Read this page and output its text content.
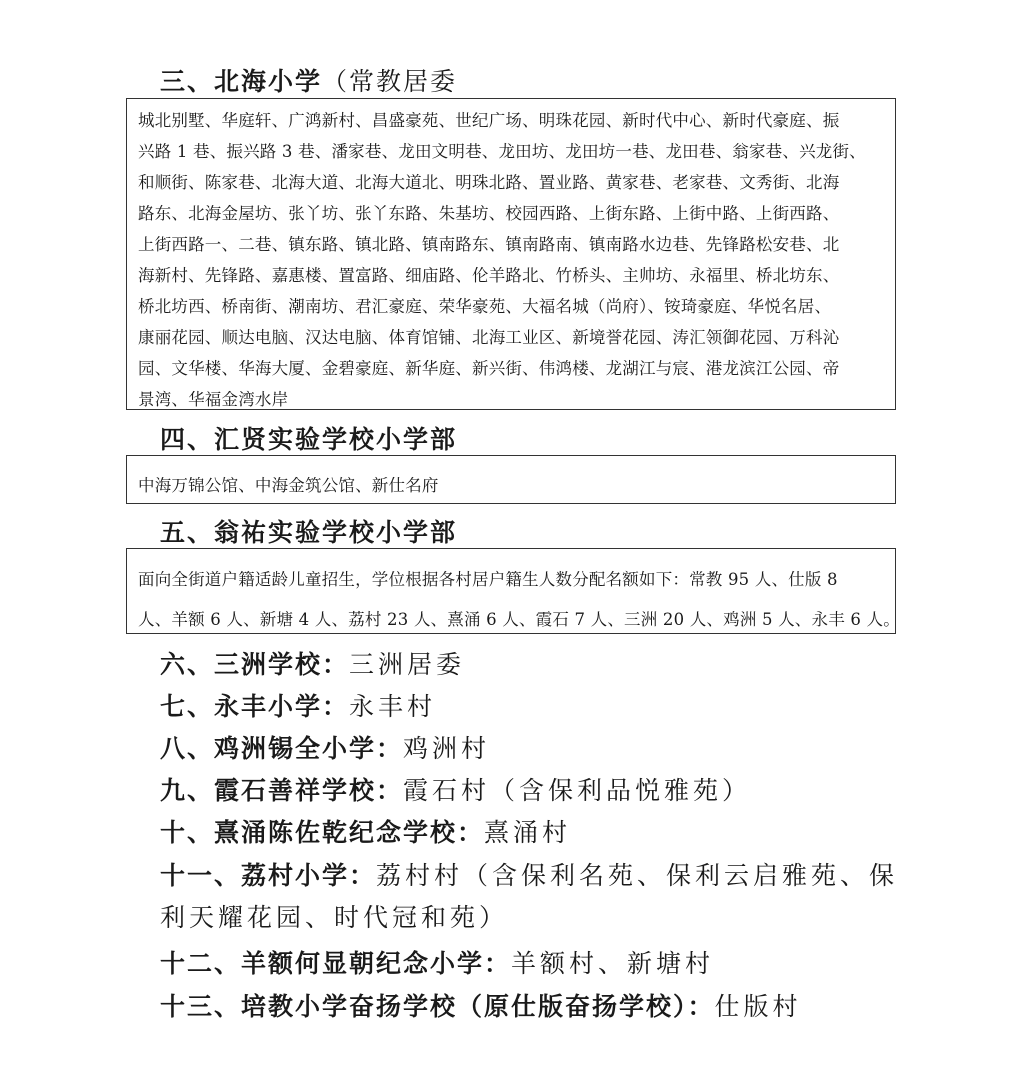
三、北海小学（常教居委
城北别墅、华庭轩、广鸿新村、昌盛豪苑、世纪广场、明珠花园、新时代中心、新时代豪庭、振
兴路 1 巷、振兴路 3 巷、潘家巷、龙田文明巷、龙田坊、龙田坊一巷、龙田巷、翁家巷、兴龙街、
和顺街、陈家巷、北海大道、北海大道北、明珠北路、置业路、黄家巷、老家巷、文秀街、北海
路东、北海金屋坊、张丫坊、张丫东路、朱基坊、校园西路、上街东路、上街中路、上街西路、
上街西路一、二巷、镇东路、镇北路、镇南路东、镇南路南、镇南路水边巷、先锋路松安巷、北
海新村、先锋路、嘉惠楼、置富路、细庙路、伦羊路北、竹桥头、主帅坊、永福里、桥北坊东、
桥北坊西、桥南街、潮南坊、君汇豪庭、荣华豪苑、大福名城（尚府）、铵琦豪庭、华悦名居、
康丽花园、顺达电脑、汉达电脑、体育馆铺、北海工业区、新境誉花园、涛汇领御花园、万科沁
园、文华楼、华海大厦、金碧豪庭、新华庭、新兴街、伟鸿楼、龙湖江与宸、港龙滨江公园、帝
景湾、华福金湾水岸
四、汇贤实验学校小学部
中海万锦公馆、中海金筑公馆、新仕名府
五、翁祐实验学校小学部
面向全街道户籍适龄儿童招生，学位根据各村居户籍生人数分配名额如下：常教 95 人、仕版 8
人、羊额 6 人、新塘 4 人、荔村 23 人、熹涌 6 人、霞石 7 人、三洲 20 人、鸡洲 5 人、永丰 6 人。
六、三洲学校：三洲居委
七、永丰小学：永丰村
八、鸡洲锡全小学：鸡洲村
九、霞石善祥学校：霞石村（含保利品悦雅苑）
十、熹涌陈佐乾纪念学校：熹涌村
十一、荔村小学：荔村村（含保利名苑、保利云启雅苑、保
利天耀花园、时代冠和苑）
十二、羊额何显朝纪念小学：羊额村、新塘村
十三、培教小学奋扬学校（原仕版奋扬学校）：仕版村
